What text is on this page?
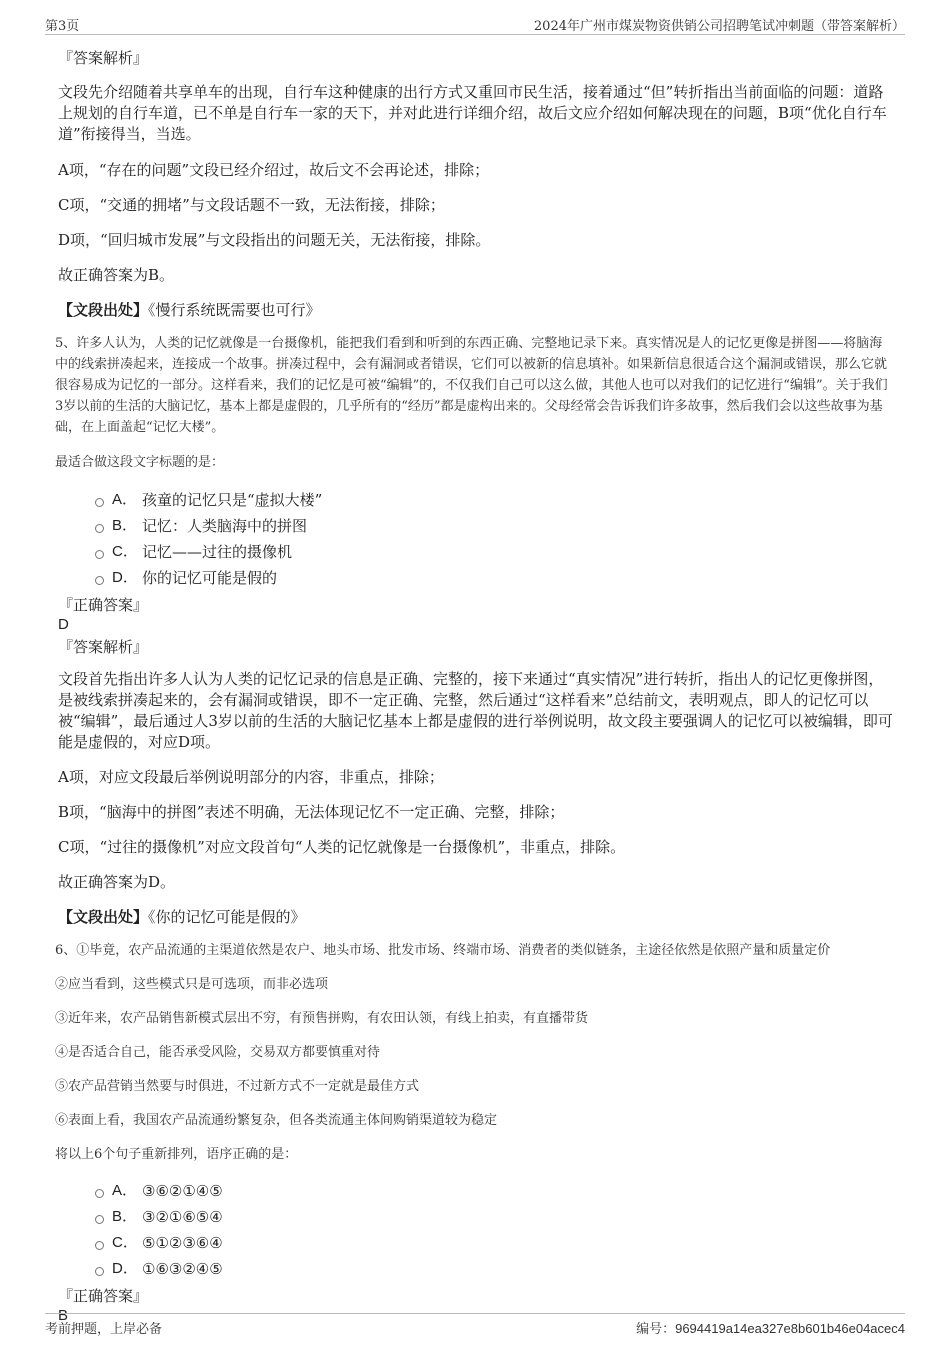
第3页	2024年广州市煤炭物资供销公司招聘笔试冲刺题（带答案解析）
『答案解析』

文段先介绍随着共享单车的出现，自行车这种健康的出行方式又重回市民生活，接着通过“但”转折指出当前面临的问题：道路上规划的自行车道，已不单是自行车一家的天下，并对此进行详细介绍，故后文应介绍如何解决现在的问题，B项“优化自行车道”衔接得当，当选。

A项，“存在的问题”文段已经介绍过，故后文不会再论述，排除；

C项，“交通的拥堵”与文段话题不一致，无法衔接，排除；

D项，“回归城市发展”与文段指出的问题无关，无法衔接，排除。

故正确答案为B。

【文段出处】《慢行系统既需要也可行》

5、许多人认为，人类的记忆就像是一台摄像机，能把我们看到和听到的东西正确、完整地记录下来。真实情况是人的记忆更像是拼图——将脑海中的线索拼凑起来，连接成一个故事。拼凑过程中，会有漏洞或者错误，它们可以被新的信息填补。如果新信息很适合这个漏洞或错误，那么它就很容易成为记忆的一部分。这样看来，我们的记忆是可被“编辑”的，不仅我们自己可以这么做，其他人也可以对我们的记忆进行“编辑”。关于我们3岁以前的生活的大脑记忆，基本上都是虚假的，几乎所有的“经历”都是虚构出来的。父母经常会告诉我们许多故事，然后我们会以这些故事为基础，在上面盖起“记忆大楼”。

最适合做这段文字标题的是：

A． 孩童的记忆只是“虚拟大楼”
B． 记忆：人类脑海中的拼图
C． 记忆——过往的摄像机
D． 你的记忆可能是假的
『正确答案』
D
『答案解析』

文段首先指出许多人认为人类的记忆记录的信息是正确、完整的，接下来通过“真实情况”进行转折，指出人的记忆更像拼图，是被线索拼凑起来的，会有漏洞或错误，即不一定正确、完整，然后通过“这样看来”总结前文，表明观点，即人的记忆可以被“编辑”，最后通过人3岁以前的生活的大脑记忆基本上都是虚假的进行举例说明，故文段主要强调人的记忆可以被编辑，即可能是虚假的，对应D项。

A项，对应文段最后举例说明部分的内容，非重点，排除；

B项，“脑海中的拼图”表述不明确，无法体现记忆不一定正确、完整，排除；

C项，“过往的摄像机”对应文段首句“人类的记忆就像是一台摄像机”，非重点，排除。

故正确答案为D。

【文段出处】《你的记忆可能是假的》

6、①毕竟，农产品流通的主渠道依然是农户、地头市场、批发市场、终端市场、消费者的类似链条，主途径依然是依照产量和质量定价

②应当看到，这些模式只是可选项，而非必选项

③近年来，农产品销售新模式层出不穷，有预售拼购，有农田认领，有线上拍卖，有直播带货

④是否适合自己，能否承受风险，交易双方都要慎重对待

⑤农产品营销当然要与时俱进，不过新方式不一定就是最佳方式

⑥表面上看，我国农产品流通纷繁复杂，但各类流通主体间购销渠道较为稳定

将以上6个句子重新排列，语序正确的是：

A． ③⑥②①④⑤
B． ③②①⑥⑤④
C． ⑤①②③⑥④
D． ①⑥③②④⑤
『正确答案』
B
考前押题，上岸必备	编号：9694419a14ea327e8b601b46e04acec4
